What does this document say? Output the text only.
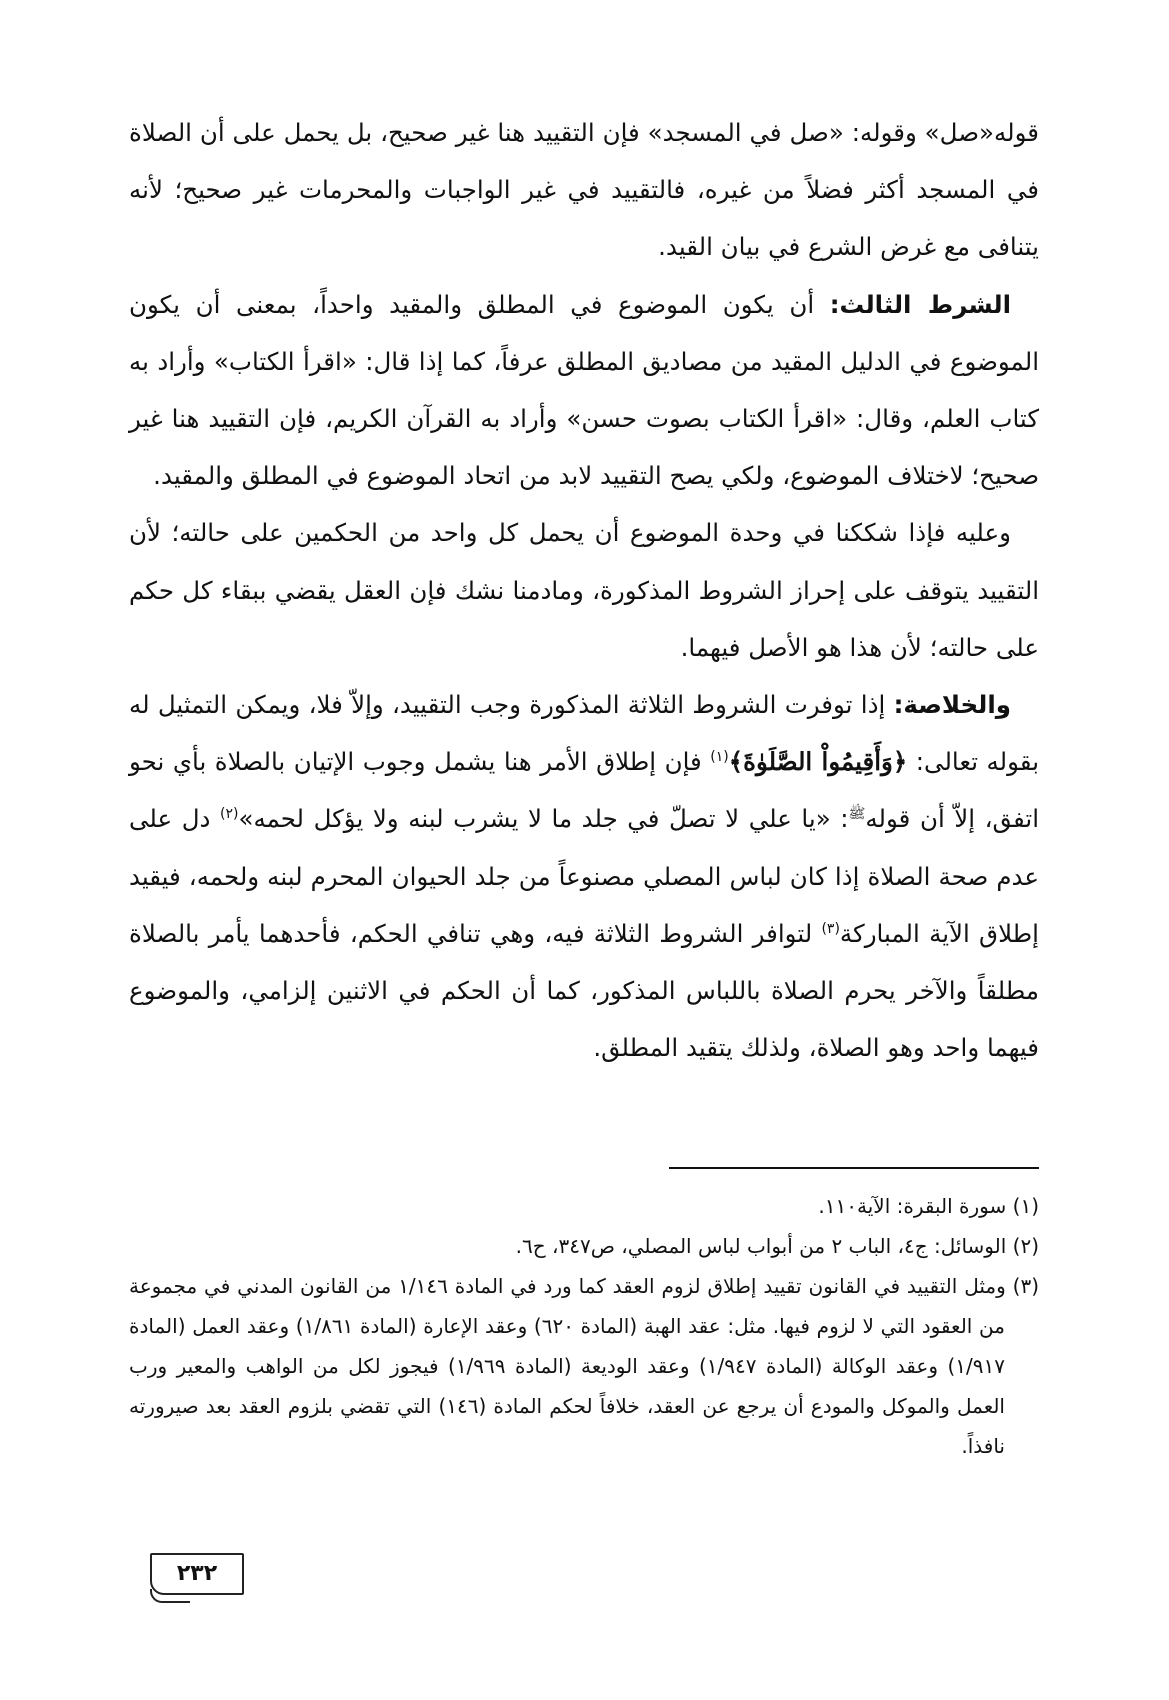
قوله«صل» وقوله: «صل في المسجد» فإن التقييد هنا غير صحيح، بل يحمل على أن الصلاة في المسجد أكثر فضلاً من غيره، فالتقييد في غير الواجبات والمحرمات غير صحيح؛ لأنه يتنافى مع غرض الشرع في بيان القيد.

الشرط الثالث: أن يكون الموضوع في المطلق والمقيد واحداً، بمعنى أن يكون الموضوع في الدليل المقيد من مصاديق المطلق عرفاً، كما إذا قال: «اقرأ الكتاب» وأراد به كتاب العلم، وقال: «اقرأ الكتاب بصوت حسن» وأراد به القرآن الكريم، فإن التقييد هنا غير صحيح؛ لاختلاف الموضوع، ولكي يصح التقييد لابد من اتحاد الموضوع في المطلق والمقيد.

وعليه فإذا شككنا في وحدة الموضوع أن يحمل كل واحد من الحكمين على حالته؛ لأن التقييد يتوقف على إحراز الشروط المذكورة، ومادمنا نشك فإن العقل يقضي ببقاء كل حكم على حالته؛ لأن هذا هو الأصل فيهما.

والخلاصة: إذا توفرت الشروط الثلاثة المذكورة وجب التقييد، وإلاّ فلا، ويمكن التمثيل له بقوله تعالى: ﴿وَأَقِيمُواْ الصَّلَوٰةَ﴾$^{(١)}$ فإن إطلاق الأمر هنا يشمل وجوب الإتيان بالصلاة بأي نحو اتفق، إلاّ أن قوله$^ﷺ$: «يا علي لا تصلّ في جلد ما لا يشرب لبنه ولا يؤكل لحمه»$^{(٢)}$ دل على عدم صحة الصلاة إذا كان لباس المصلي مصنوعاً من جلد الحيوان المحرم لبنه ولحمه، فيقيد إطلاق الآية المباركة$^{(٣)}$ لتوافر الشروط الثلاثة فيه، وهي تنافي الحكم، فأحدهما يأمر بالصلاة مطلقاً والآخر يحرم الصلاة باللباس المذكور، كما أن الحكم في الاثنين إلزامي، والموضوع فيهما واحد وهو الصلاة، ولذلك يتقيد المطلق.

(١) سورة البقرة: الآية١١٠.

(٢) الوسائل: ج٤، الباب ٢ من أبواب لباس المصلي، ص٣٤٧، ح٦.

(٣) ومثل التقييد في القانون تقييد إطلاق لزوم العقد كما ورد في المادة ١/١٤٦ من القانون المدني في مجموعة من العقود التي لا لزوم فيها. مثل: عقد الهبة (المادة ٦٢٠) وعقد الإعارة (المادة ١/٨٦١) وعقد العمل (المادة ١/٩١٧) وعقد الوكالة (المادة ١/٩٤٧) وعقد الوديعة (المادة ١/٩٦٩) فيجوز لكل من الواهب والمعير ورب العمل والموكل والمودع أن يرجع عن العقد، خلافاً لحكم المادة (١٤٦) التي تقضي بلزوم العقد بعد صيرورته نافذاً.

٢٣٢
